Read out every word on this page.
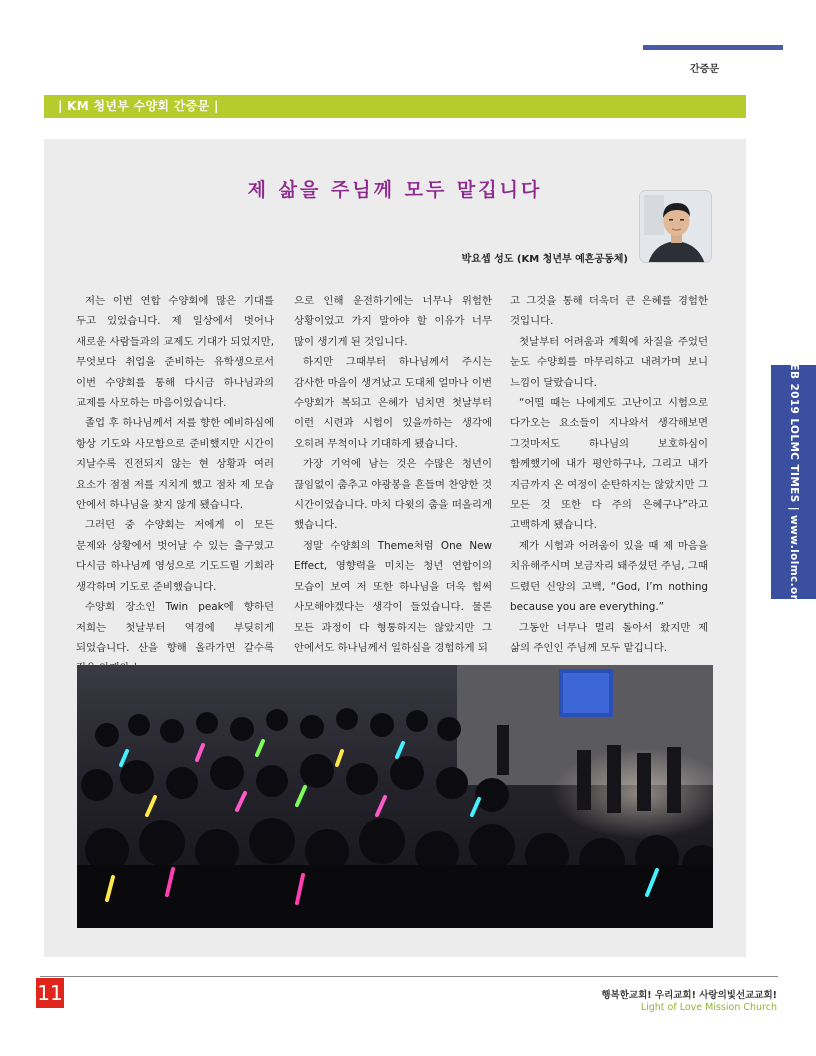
간증문
| KM 청년부 수양회 간증문 |
제 삶을 주님께 모두 맡깁니다
박요셉 성도 (KM 청년부 예흔공동체)

저는 이번 연합 수양회에 많은 기대를 두고 있었습니다. 제 일상에서 벗어나 새로운 사람들과의 교제도 기대가 되었지만, 무엇보다 취업을 준비하는 유학생으로서 이번 수양회를 통해 다시금 하나님과의 교제를 사모하는 마음이었습니다.

졸업 후 하나님께서 저를 향한 예비하심에 항상 기도와 사모함으로 준비했지만 시간이 지날수록 진전되지 않는 현 상황과 여러 요소가 점점 저를 지치게 했고 점차 제 모습 안에서 하나님을 찾지 않게 됐습니다.

그러던 중 수양회는 저에게 이 모든 문제와 상황에서 벗어날 수 있는 출구였고 다시금 하나님께 영성으로 기도드릴 기회라 생각하며 기도로 준비했습니다.

수양회 장소인 Twin peak에 향하던 저희는 첫날부터 역경에 부딪히게 되었습니다. 산을 향해 올라가면 갈수록

으로 인해 운전하기에는 너무나 위험한 상황이었고 가지 말아야 할 이유가 너무 많이 생기게 된 것입니다.

하지만 그때부터 하나님께서 주시는 감사한 마음이 생겨났고 도대체 얼마나 이번 수양회가 복되고 은혜가 넘치면 첫날부터 이런 시련과 시험이 있을까하는 생각에 오히려 무척이나 기대하게 됐습니다.

가장 기억에 남는 것은 수많은 청년이 끊임없이 춤추고 야광봉을 흔들며 찬양한 것 시간이었습니다. 마치 다윗의 춤을 떠올리게 했습니다.

정말 수양회의 Theme처럼 One New Effect, 영향력을 미치는 청년 연합이의 모습이 보여 저 또한 하나님을 더욱 힘써 사모해야겠다는 생각이 들었습니다. 물론 모든 과정이 다 형통하지는 않았지만 그 안에서도 하나님께서 일하심을 경험하게 되

고 그것을 통해 더욱더 큰 은혜를 경험한 것입니다.

첫날부터 어려움과 계획에 차질을 주었던 눈도 수양회를 마무리하고 내려가며 보니 느낌이 달랐습니다.

“어떨 때는 나에게도 고난이고 시험으로 다가오는 요소들이 지나와서 생각해보면 그것마저도 하나님의 보호하심이 함께했기에 내가 평안하구나, 그리고 내가 지금까지 온 여정이 순탄하지는 않았지만 그 모든 것 또한 다 주의 은혜구나”라고 고백하게 됐습니다.

제가 시험과 어려움이 있을 때 제 마음을 치유해주시며 보금자리 돼주셨던 주님, 그때 드렸던 신앙의 고백, “God, I’m nothing because you are everything.”

그동안 너무나 멀리 돌아서 왔지만 제 삶의 주인인 주님께 모두 맡깁니다.

FEB 2019 LOLMC TIMES | www.lolmc.org
11	행복한교회! 우리교회! 사랑의빛선교교회!
Light of Love Mission Church
